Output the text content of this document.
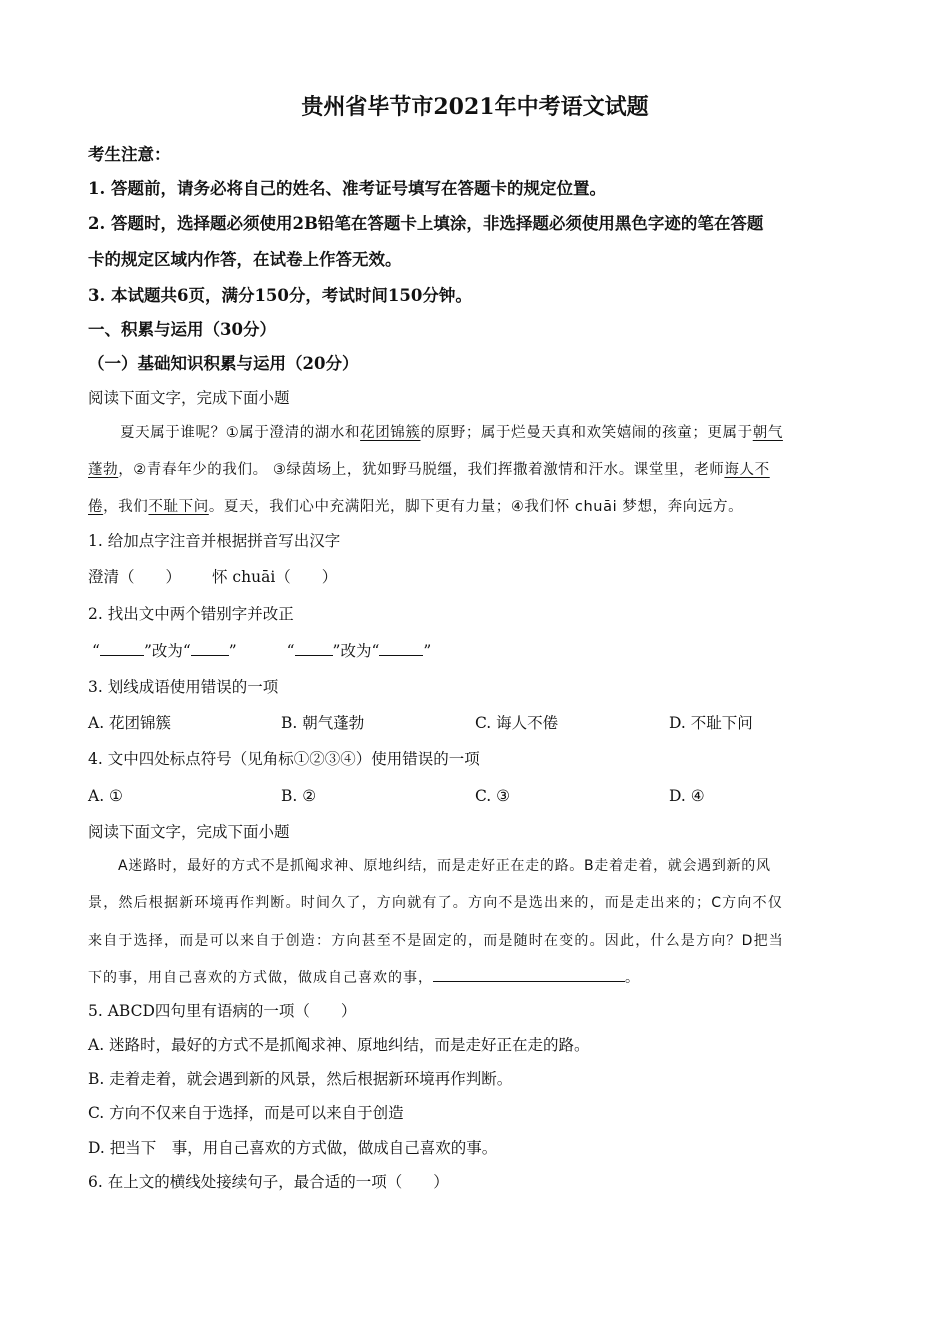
贵州省毕节市2021年中考语文试题
考生注意：
1. 答题前，请务必将自己的姓名、准考证号填写在答题卡的规定位置。
2. 答题时，选择题必须使用2B铅笔在答题卡上填涂，非选择题必须使用黑色字迹的笔在答题
卡的规定区域内作答，在试卷上作答无效。
3. 本试题共6页，满分150分，考试时间150分钟。
一、积累与运用（30分）
（一）基础知识积累与运用（20分）
阅读下面文字，完成下面小题
夏天属于谁呢？①属于澄清的湖水和花团锦簇的原野；属于烂曼天真和欢笑嬉闹的孩童；更属于朝气
蓬勃，②青春年少的我们。 ③绿茵场上，犹如野马脱缰，我们挥撒着激情和汗水。课堂里，老师诲人不
倦，我们不耻下问。夏天，我们心中充满阳光，脚下更有力量；④我们怀 chuāi 梦想，奔向远方。
1. 给加点字注音并根据拼音写出汉字
澄清（　　） 怀 chuāi（　　）
2. 找出文中两个错别字并改正
“	”改为“ ”	“ ”改为“	”
3. 划线成语使用错误的一项
A. 花团锦簇	B. 朝气蓬勃	C. 诲人不倦	D. 不耻下问
4. 文中四处标点符号（见角标①②③④）使用错误的一项
A. ①	B. ②	C. ③	D. ④
阅读下面文字，完成下面小题
A迷路时，最好的方式不是抓阄求神、原地纠结，而是走好正在走的路。B走着走着，就会遇到新的风
景，然后根据新环境再作判断。时间久了，方向就有了。方向不是选出来的，而是走出来的；C方向不仅
来自于选择，而是可以来自于创造：方向甚至不是固定的，而是随时在变的。因此，什么是方向？D把当
下的事，用自己喜欢的方式做，做成自己喜欢的事，	。
5. ABCD四句里有语病的一项（　　）
A. 迷路时，最好的方式不是抓阄求神、原地纠结，而是走好正在走的路。
B. 走着走着，就会遇到新的风景，然后根据新环境再作判断。
C. 方向不仅来自于选择，而是可以来自于创造
D. 把当下　事，用自己喜欢的方式做，做成自己喜欢的事。
6. 在上文的横线处接续句子，最合适的一项（　　）
